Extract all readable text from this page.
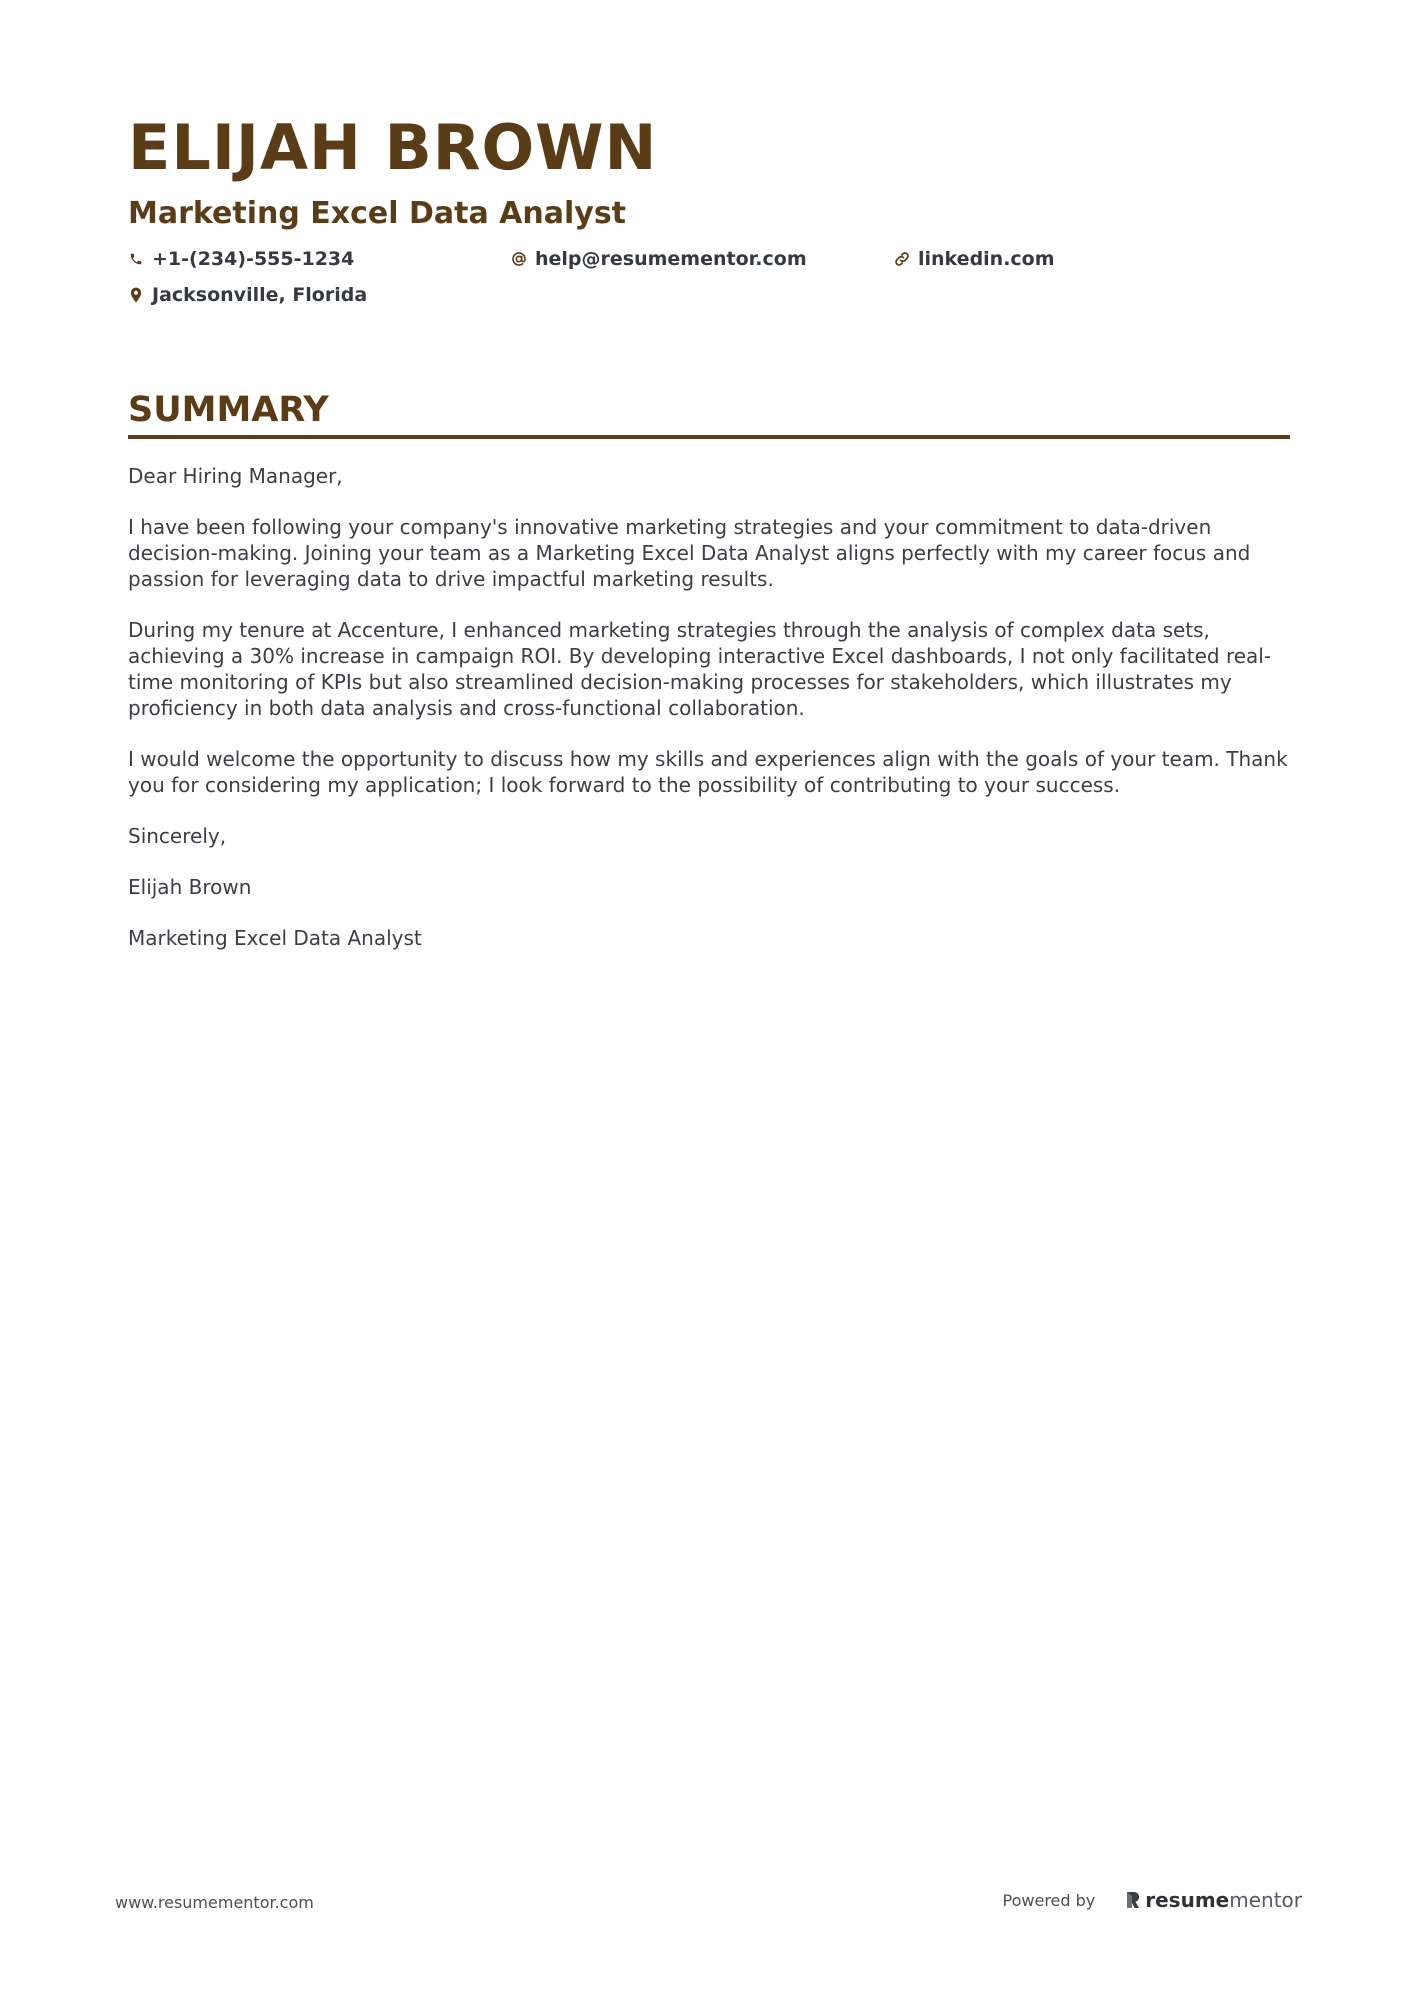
ELIJAH BROWN
Marketing Excel Data Analyst
+1-(234)-555-1234	help@resumementor.com	linkedin.com
Jacksonville, Florida
SUMMARY

Dear Hiring Manager,

I have been following your company's innovative marketing strategies and your commitment to data-driven decision-making. Joining your team as a Marketing Excel Data Analyst aligns perfectly with my career focus and passion for leveraging data to drive impactful marketing results.

During my tenure at Accenture, I enhanced marketing strategies through the analysis of complex data sets, achieving a 30% increase in campaign ROI. By developing interactive Excel dashboards, I not only facilitated real-time monitoring of KPIs but also streamlined decision-making processes for stakeholders, which illustrates my proficiency in both data analysis and cross-functional collaboration.

I would welcome the opportunity to discuss how my skills and experiences align with the goals of your team. Thank you for considering my application; I look forward to the possibility of contributing to your success.

Sincerely,

Elijah Brown

Marketing Excel Data Analyst

www.resumementor.com	Powered by	resume mentor
